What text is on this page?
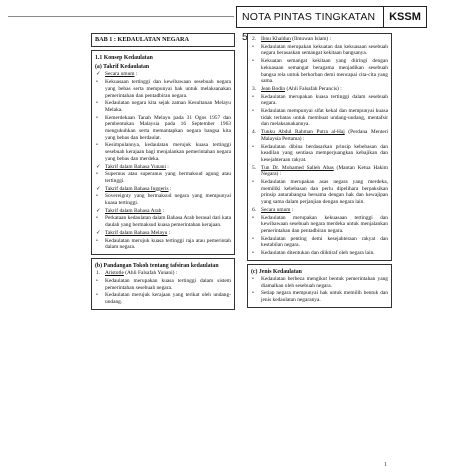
NOTA PINTAS TINGKATAN 5
KSSM
BAB 1 : KEDAULATAN NEGARA
1.1 Konsep Kedaulatan
(a) Takrif Kedaulatan
✓ Secara umum :
• Kekuasaan tertinggi dan kewibawaan sesebuah negara yang bebas serta mempunyai hak untuk melaksanakan pemerintahan dan pentadbiran negara.
• Kedaulatan negara kita sejak zaman Kesultanan Melayu Melaka.
• Kemerdekaan Tanah Melayu pada 31 Ogos 1957 dan pembentukan Malaysia pada 16 September 1963 mengukuhkan serta memantapkan negara bangsa kita yang bebas dan berdaulat.
• Kesimpulannya, kedaulatan merujuk kuasa tertinggi sesebuah kerajaan bagi menjalankan pemerintahan negara yang bebas dan merdeka.
✓ Takrif dalam Bahasa Yunani :
• Supernus atau superanus yang bermaksud agung atau tertinggi.
✓ Takrif dalam Bahasa Inggeris :
• Sovereignty yang bermaksud negara yang mempunyai kuasa tertinggi.
✓ Takrif dalam Bahasa Arab :
• Perkataan kedaulatan dalam Bahasa Arab berasal dari kata daulah yang bermaksud kuasa pemerintahan kerajaan.
✓ Takrif dalam Bahasa Melayu :
• Kedaulatan merujuk kuasa tertinggi raja atau pemerintah dalam negara.
(b) Pandangan Tokoh tentang tafsiran kedaulatan
1. Aristotle (Ahli Falsafah Yunani) :
• Kedaulatan merupakan kuasa tertinggi dalam sistem pemerintahan sesebuah negara.
• Kedaulatan merujuk kerajaan yang terikat oleh undang-undang.
2. Ibnu Khaldun (Ilmuwan Islam) :
• Kedaulatan merupakan kekuatan dan kekuasaan sesebuah negara berasaskan semangat kekitaan bangsanya.
• Kekuatan semangat kekitaan yang diiringi dengan kekuasaan semangat beragama menjadikan sesebuah bangsa rela untuk berkorban demi mencapai cita-cita yang sama.
3. Jean Bodin (Ahli Falsafah Perancis) :
• Kedaulatan merupakan kuasa tertinggi dalam sesebuah negara.
• Kedaulatan mempunyai sifat kekal dan mempunyai kuasa tidak terbatas untuk membuat undang-undang, mentafsir dan melaksanakannya.
4. Tunku Abdul Rahman Putra al-Haj (Perdana Menteri Malaysia Pertama) :
• Kedaulatan dibina berdasarkan prinsip kebebasan dan keadilan yang sentiasa memperjuangkan kebajikan dan kesejahteraan rakyat.
5. Tun Dr. Mohamed Salleh Abas (Mantan Ketua Hakim Negara) :
• Kedaulatan merupakan asas negara yang merdeka, memiliki kebebasan dan perlu dipelihara berpaksikan prinsip antarabangsa bersama dengan hak dan kewajipan yang sama dalam perjanjian dengan negara lain.
6. Secara umum :
• Kedaulatan merupakan kekuasaan tertinggi dan kewibawaan sesebuah negara merdeka untuk menjalankan pemerintahan dan pentadbiran negara.
• Kedaulatan penting demi kesejahteraan rakyat dan kestabilan negara.
• Kedaulatan ditentukan dan diiktiraf oleh negara lain.
(c) Jenis Kedaulatan
• Kedaulatan berbeza mengikut bentuk pemerintahan yang diamalkan oleh sesebuah negara.
• Setiap negara mempunyai hak untuk memilih bentuk dan jenis kedaulatan negaranya.
1
